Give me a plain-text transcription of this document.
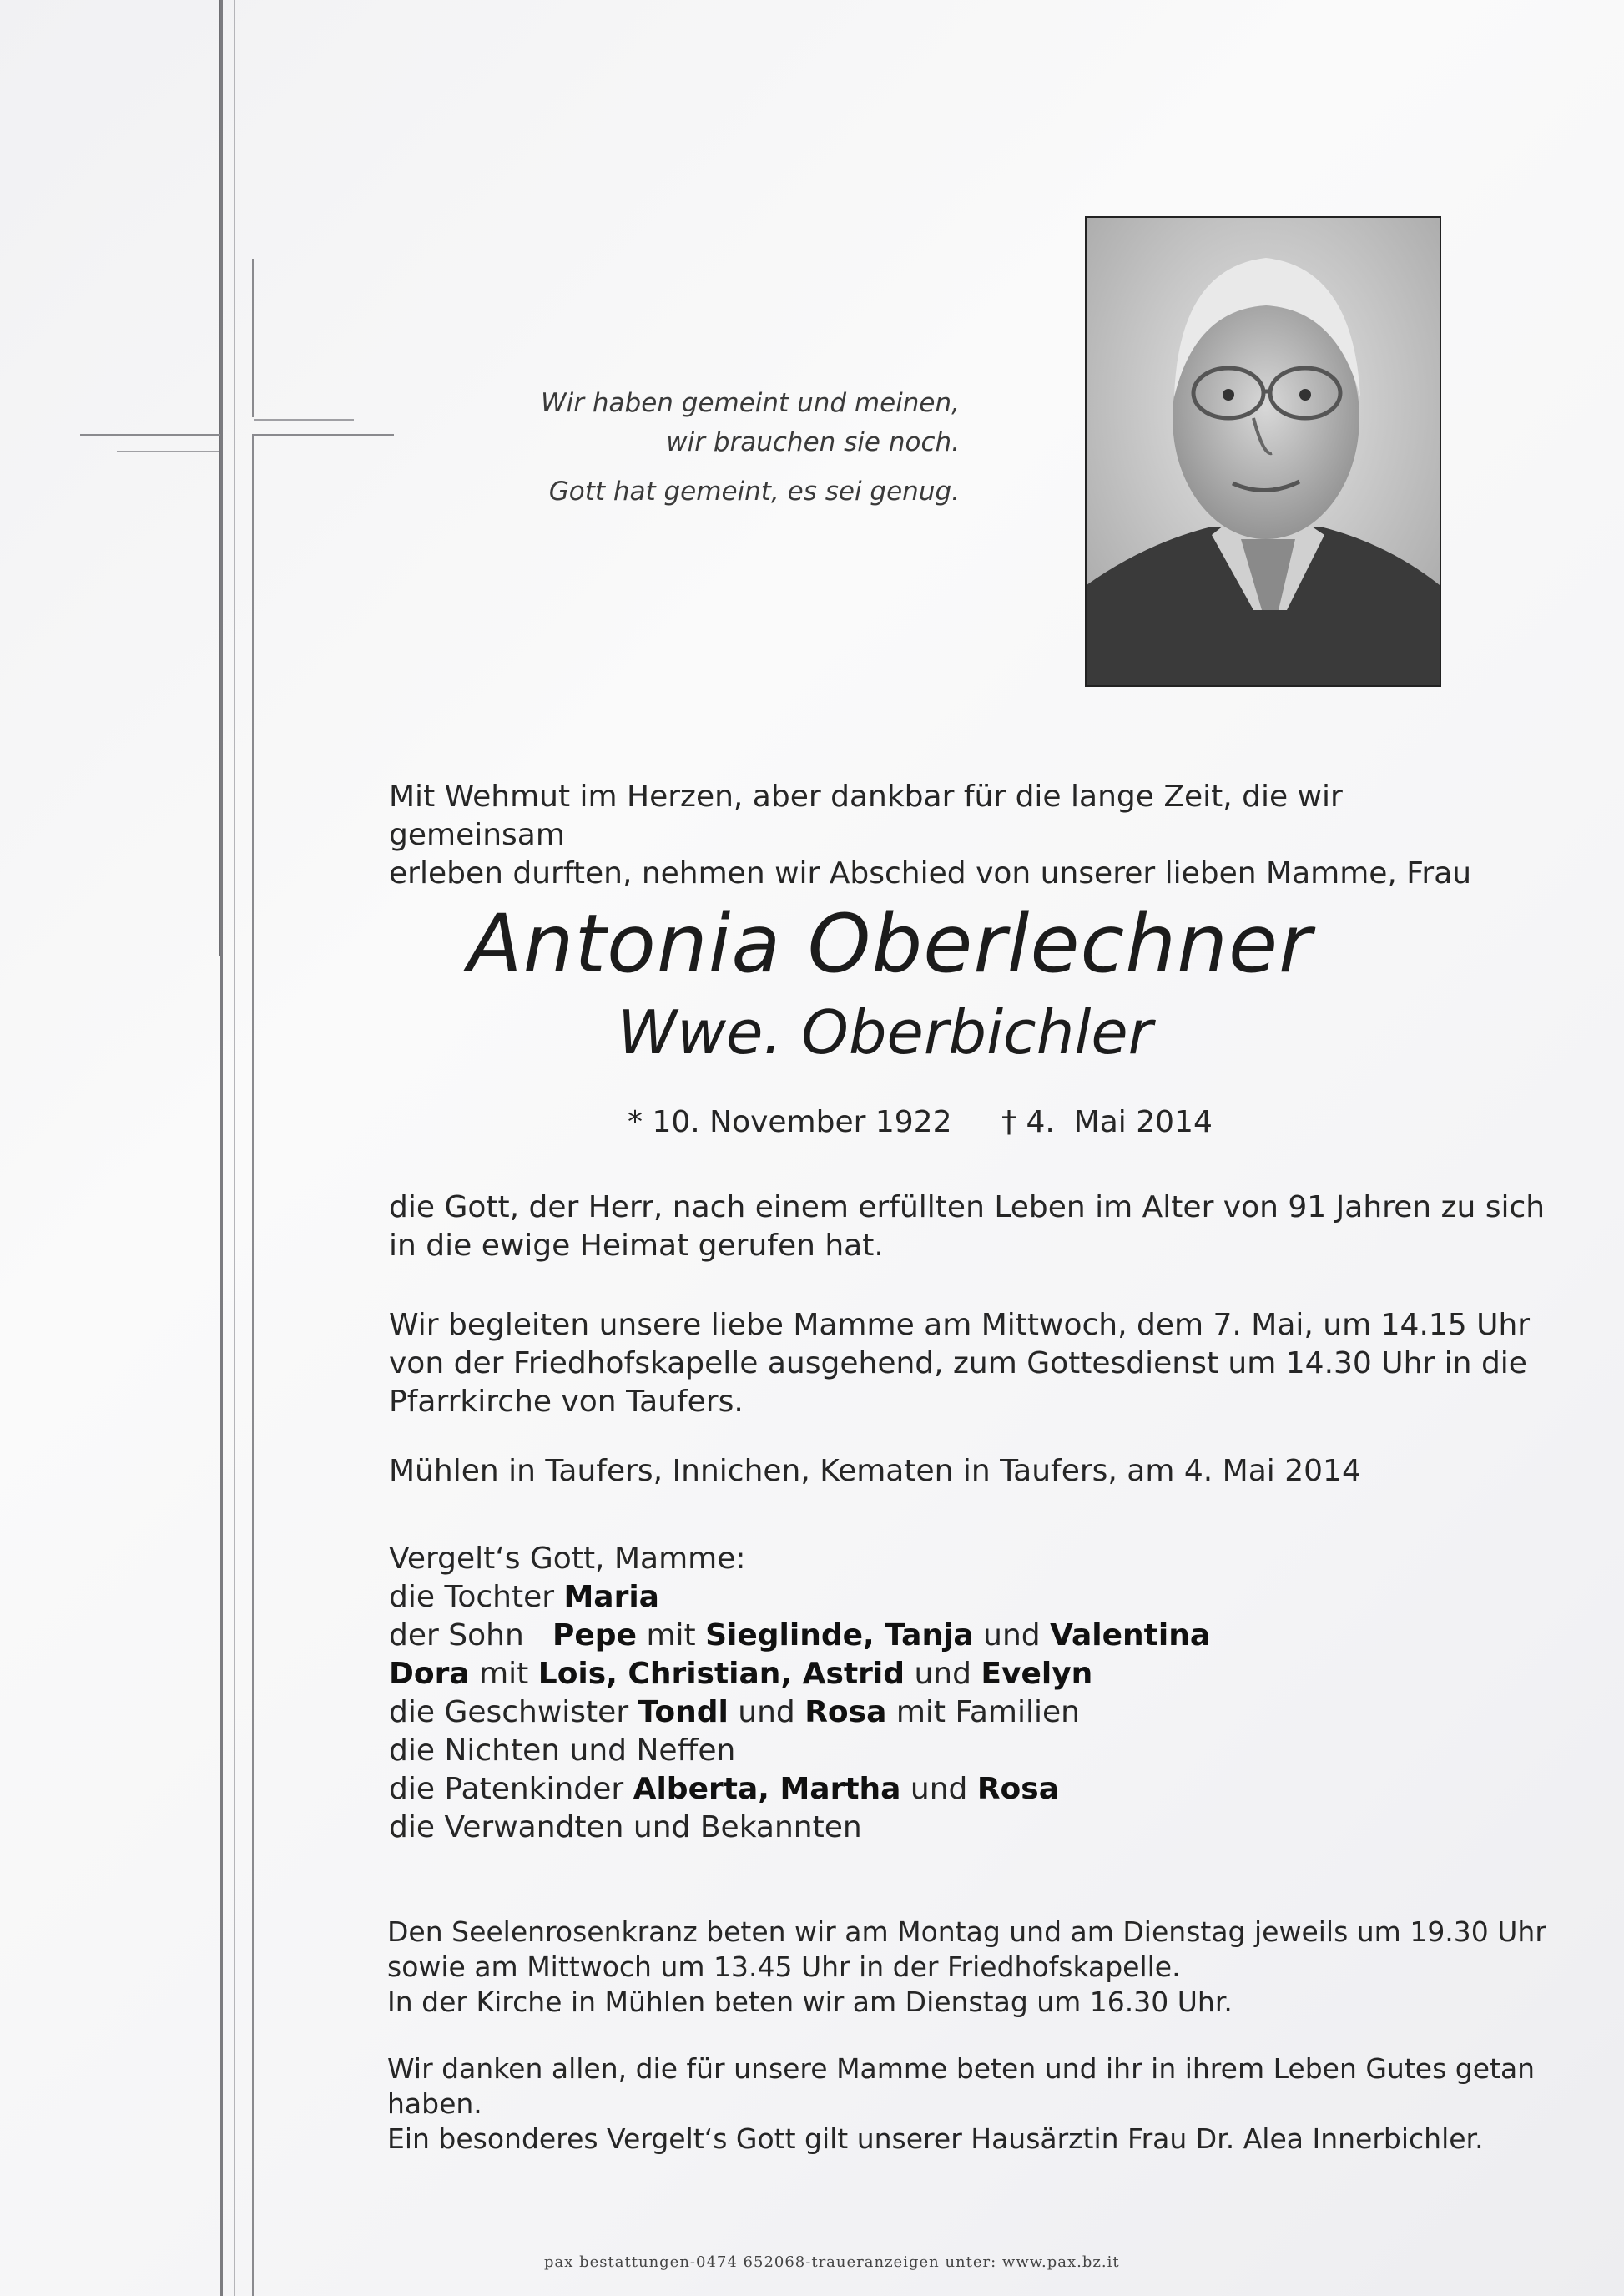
Wir haben gemeint und meinen,
wir brauchen sie noch.
Gott hat gemeint, es sei genug.
Mit Wehmut im Herzen, aber dankbar für die lange Zeit, die wir gemeinsam
erleben durften, nehmen wir Abschied von unserer lieben Mamme, Frau
Antonia Oberlechner
Wwe. Oberbichler
* 10. November 1922 † 4.  Mai 2014
die Gott, der Herr, nach einem erfüllten Leben im Alter von 91 Jahren zu sich
in die ewige Heimat gerufen hat.
Wir begleiten unsere liebe Mamme am Mittwoch, dem 7. Mai, um 14.15 Uhr
von der Friedhofskapelle ausgehend, zum Gottesdienst um 14.30 Uhr in die
Pfarrkirche von Taufers.
Mühlen in Taufers, Innichen, Kematen in Taufers, am 4. Mai 2014
Vergelt‘s Gott, Mamme:
die Tochter Maria
der SohnPepe mit Sieglinde, Tanja und Valentina
Dora mit Lois, Christian, Astrid und Evelyn
die Geschwister Tondl und Rosa mit Familien
die Nichten und Neffen
die Patenkinder Alberta, Martha und Rosa
die Verwandten und Bekannten
Den Seelenrosenkranz beten wir am Montag und am Dienstag jeweils um 19.30 Uhr
sowie am Mittwoch um 13.45 Uhr in der Friedhofskapelle.
In der Kirche in Mühlen beten wir am Dienstag um 16.30 Uhr.
Wir danken allen, die für unsere Mamme beten und ihr in ihrem Leben Gutes getan
haben.
Ein besonderes Vergelt‘s Gott gilt unserer Hausärztin Frau Dr. Alea Innerbichler.
pax bestattungen-0474 652068-traueranzeigen unter: www.pax.bz.it
